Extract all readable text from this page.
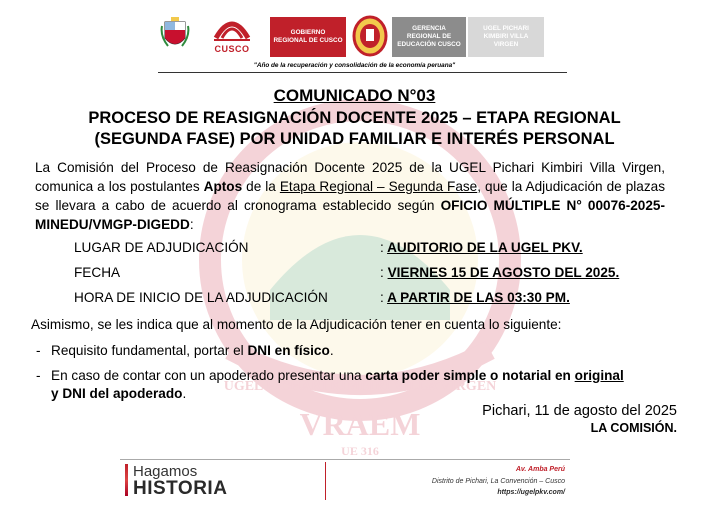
UGEL PICHARI KIMBIRI VILLA VIRGEN
VRAEM
UE 316
CUSCO
GOBIERNO REGIONAL DE CUSCO
GERENCIA REGIONAL DE EDUCACIÓN CUSCO
UGEL PICHARI KIMBIRI VILLA VIRGEN
"Año de la recuperación y consolidación de la economía peruana"
COMUNICADO N°03
PROCESO DE REASIGNACIÓN DOCENTE 2025 – ETAPA REGIONAL
(SEGUNDA FASE) POR UNIDAD FAMILIAR E INTERÉS PERSONAL
La Comisión del Proceso de Reasignación Docente 2025 de la UGEL Pichari Kimbiri Villa Virgen, comunica a los postulantes Aptos de la Etapa Regional – Segunda Fase, que la Adjudicación de plazas se llevara a cabo de acuerdo al cronograma establecido según OFICIO MÚLTIPLE N° 00076-2025-MINEDU/VMGP-DIGEDD:
LUGAR DE ADJUDICACIÓN	: AUDITORIO DE LA UGEL PKV.
FECHA	: VIERNES 15 DE AGOSTO DEL 2025.
HORA DE INICIO DE LA ADJUDICACIÓN	: A PARTIR DE LAS 03:30 PM.
Asimismo, se les indica que al momento de la Adjudicación tener en cuenta lo siguiente:
- Requisito fundamental, portar el DNI en físico.
- En caso de contar con un apoderado presentar una carta poder simple o notarial en original
y DNI del apoderado.
Pichari, 11 de agosto del 2025
LA COMISIÓN.
Hagamos
HISTORIA
Av. Amba Perú
Distrito de Pichari, La Convención – Cusco
https://ugelpkv.com/
